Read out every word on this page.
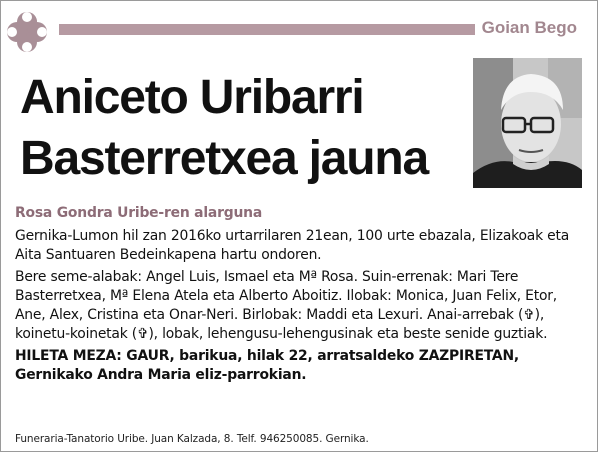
Goian Bego
Aniceto Uribarri
Basterretxea jauna

Rosa Gondra Uribe-ren alarguna

Gernika-Lumon hil zan 2016ko urtarrilaren 21ean, 100 urte ebazala, Elizakoak eta Aita Santuaren Bedeinkapena hartu ondoren.

Bere seme-alabak: Angel Luis, Ismael eta Mª Rosa. Suin-errenak: Mari Tere Basterretxea, Mª Elena Atela eta Alberto Aboitiz. Ilobak: Monica, Juan Felix, Etor, Ane, Alex, Cristina eta Onar-Neri. Birlobak: Maddi eta Lexuri. Anai-arrebak (✞), koinetu-koinetak (✞), lobak, lehengusu-lehengusinak eta beste senide guztiak.

HILETA MEZA: GAUR, barikua, hilak 22, arratsaldeko ZAZPIRETAN, Gernikako Andra Maria eliz-parrokian.

Funeraria-Tanatorio Uribe. Juan Kalzada, 8. Telf. 946250085. Gernika.
